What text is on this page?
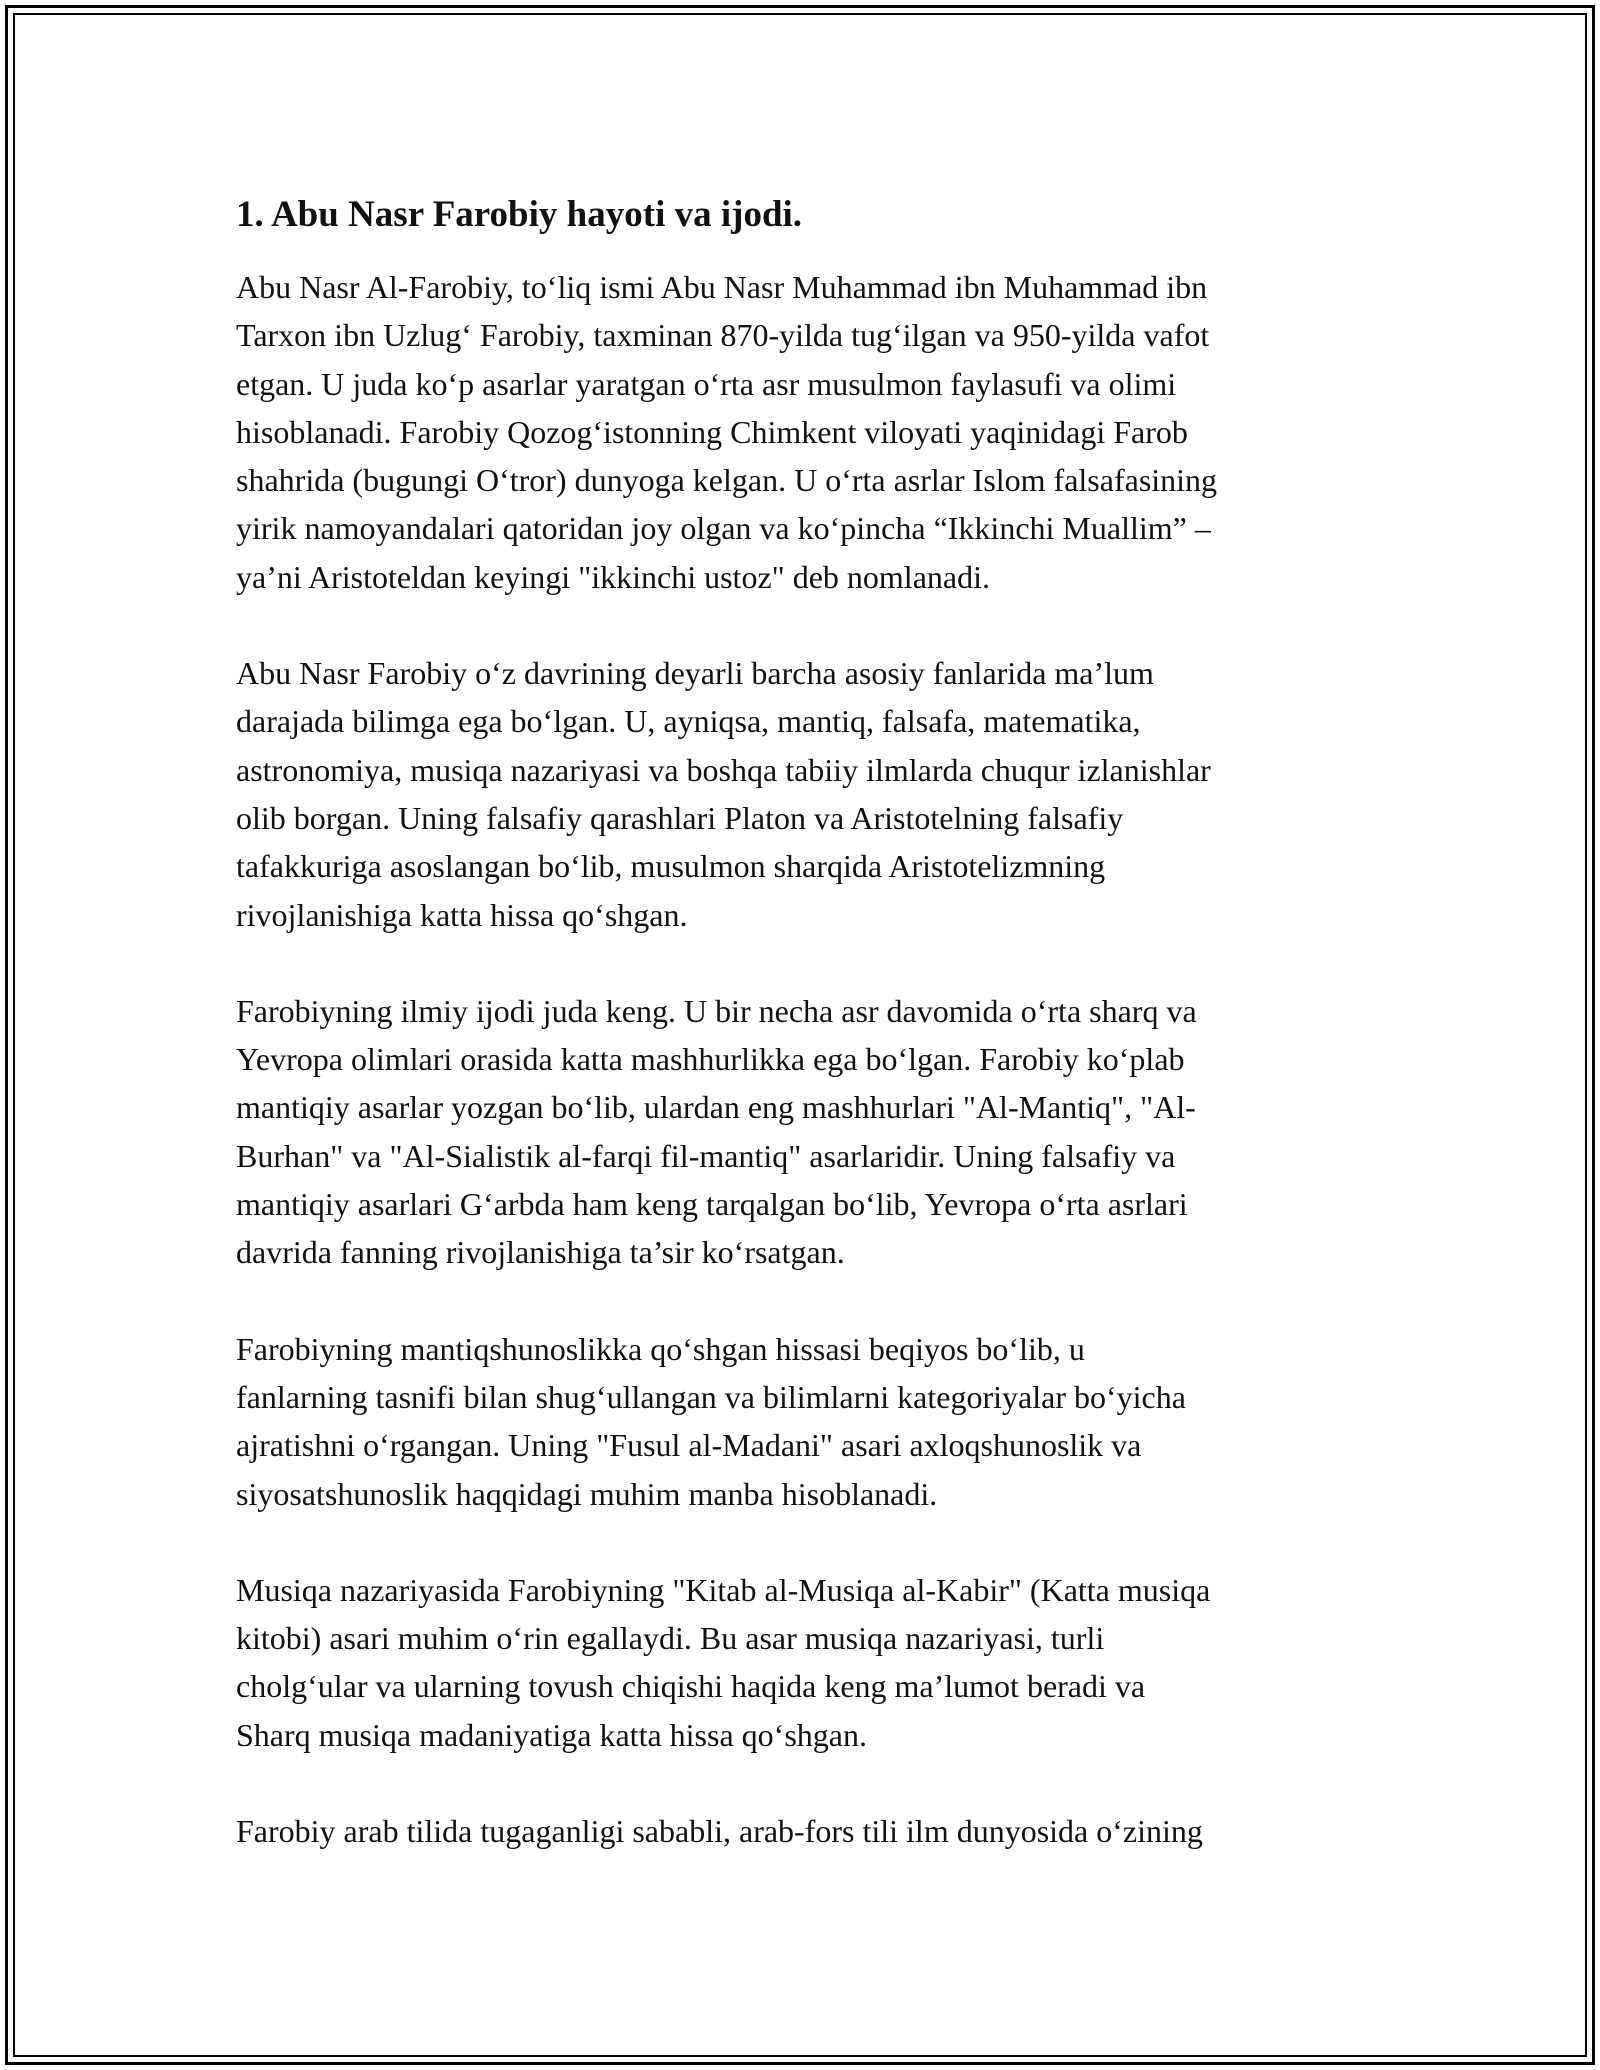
1. Abu Nasr Farobiy hayoti va ijodi.
Abu Nasr Al-Farobiy, to‘liq ismi Abu Nasr Muhammad ibn Muhammad ibn
Tarxon ibn Uzlug‘ Farobiy, taxminan 870-yilda tug‘ilgan va 950-yilda vafot
etgan. U juda ko‘p asarlar yaratgan o‘rta asr musulmon faylasufi va olimi
hisoblanadi. Farobiy Qozog‘istonning Chimkent viloyati yaqinidagi Farob
shahrida (bugungi O‘tror) dunyoga kelgan. U o‘rta asrlar Islom falsafasining
yirik namoyandalari qatoridan joy olgan va ko‘pincha “Ikkinchi Muallim” –
ya’ni Aristoteldan keyingi "ikkinchi ustoz" deb nomlanadi.
Abu Nasr Farobiy o‘z davrining deyarli barcha asosiy fanlarida ma’lum
darajada bilimga ega bo‘lgan. U, ayniqsa, mantiq, falsafa, matematika,
astronomiya, musiqa nazariyasi va boshqa tabiiy ilmlarda chuqur izlanishlar
olib borgan. Uning falsafiy qarashlari Platon va Aristotelning falsafiy
tafakkuriga asoslangan bo‘lib, musulmon sharqida Aristotelizmning
rivojlanishiga katta hissa qo‘shgan.
Farobiyning ilmiy ijodi juda keng. U bir necha asr davomida o‘rta sharq va
Yevropa olimlari orasida katta mashhurlikka ega bo‘lgan. Farobiy ko‘plab
mantiqiy asarlar yozgan bo‘lib, ulardan eng mashhurlari "Al-Mantiq", "Al-
Burhan" va "Al-Sialistik al-farqi fil-mantiq" asarlaridir. Uning falsafiy va
mantiqiy asarlari G‘arbda ham keng tarqalgan bo‘lib, Yevropa o‘rta asrlari
davrida fanning rivojlanishiga ta’sir ko‘rsatgan.
Farobiyning mantiqshunoslikka qo‘shgan hissasi beqiyos bo‘lib, u
fanlarning tasnifi bilan shug‘ullangan va bilimlarni kategoriyalar bo‘yicha
ajratishni o‘rgangan. Uning "Fusul al-Madani" asari axloqshunoslik va
siyosatshunoslik haqqidagi muhim manba hisoblanadi.
Musiqa nazariyasida Farobiyning "Kitab al-Musiqa al-Kabir" (Katta musiqa
kitobi) asari muhim o‘rin egallaydi. Bu asar musiqa nazariyasi, turli
cholg‘ular va ularning tovush chiqishi haqida keng ma’lumot beradi va
Sharq musiqa madaniyatiga katta hissa qo‘shgan.
Farobiy arab tilida tugaganligi sababli, arab-fors tili ilm dunyosida o‘zining
